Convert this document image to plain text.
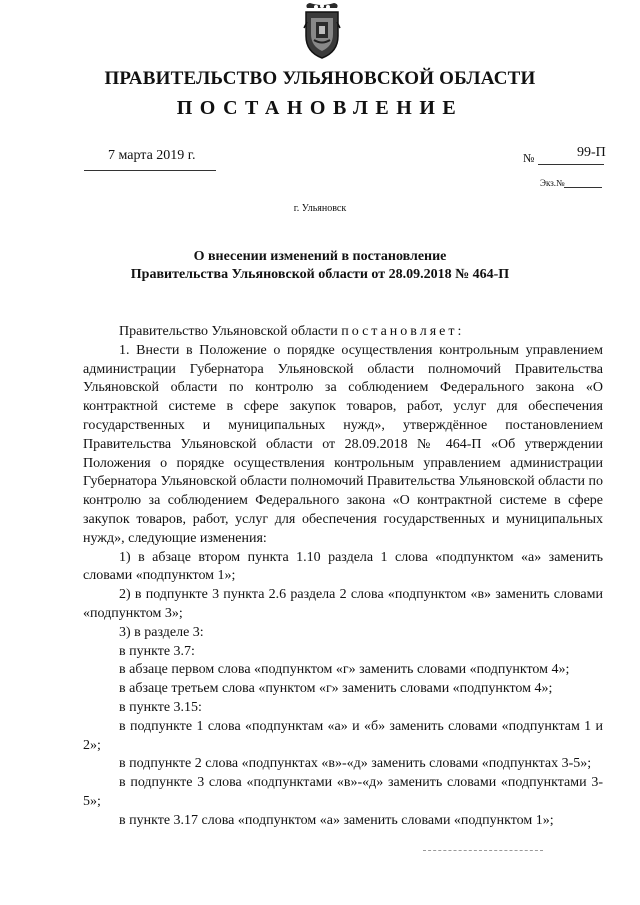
ПРАВИТЕЛЬСТВО УЛЬЯНОВСКОЙ ОБЛАСТИ
ПОСТАНОВЛЕНИЕ
7 марта 2019 г.	№	99-П
Экз.№
г. Ульяновск
О внесении изменений в постановление
Правительства Ульяновской области от 28.09.2018 № 464-П

Правительство Ульяновской области постановляет:

1. Внести в Положение о порядке осуществления контрольным управлением администрации Губернатора Ульяновской области полномочий Правительства Ульяновской области по контролю за соблюдением Федерального закона «О контрактной системе в сфере закупок товаров, работ, услуг для обеспечения государственных и муниципальных нужд», утверждённое постановлением Правительства Ульяновской области от 28.09.2018 № 464-П «Об утверждении Положения о порядке осуществления контрольным управлением администрации Губернатора Ульяновской области полномочий Правительства Ульяновской области по контролю за соблюдением Федерального закона «О контрактной системе в сфере закупок товаров, работ, услуг для обеспечения государственных и муниципальных нужд», следующие изменения:

1) в абзаце втором пункта 1.10 раздела 1 слова «подпунктом «а» заменить словами «подпунктом 1»;

2) в подпункте 3 пункта 2.6 раздела 2 слова «подпунктом «в» заменить словами «подпунктом 3»;

3) в разделе 3:

в пункте 3.7:

в абзаце первом слова «подпунктом «г» заменить словами «подпунктом 4»;

в абзаце третьем слова «пунктом «г» заменить словами «подпунктом 4»;

в пункте 3.15:

в подпункте 1 слова «подпунктам «а» и «б» заменить словами «подпунктам 1 и 2»;

в подпункте 2 слова «подпунктах «в»-«д» заменить словами «подпунктах 3-5»;

в подпункте 3 слова «подпунктами «в»-«д» заменить словами «подпунктами 3-5»;

в пункте 3.17 слова «подпунктом «а» заменить словами «подпунктом 1»;
